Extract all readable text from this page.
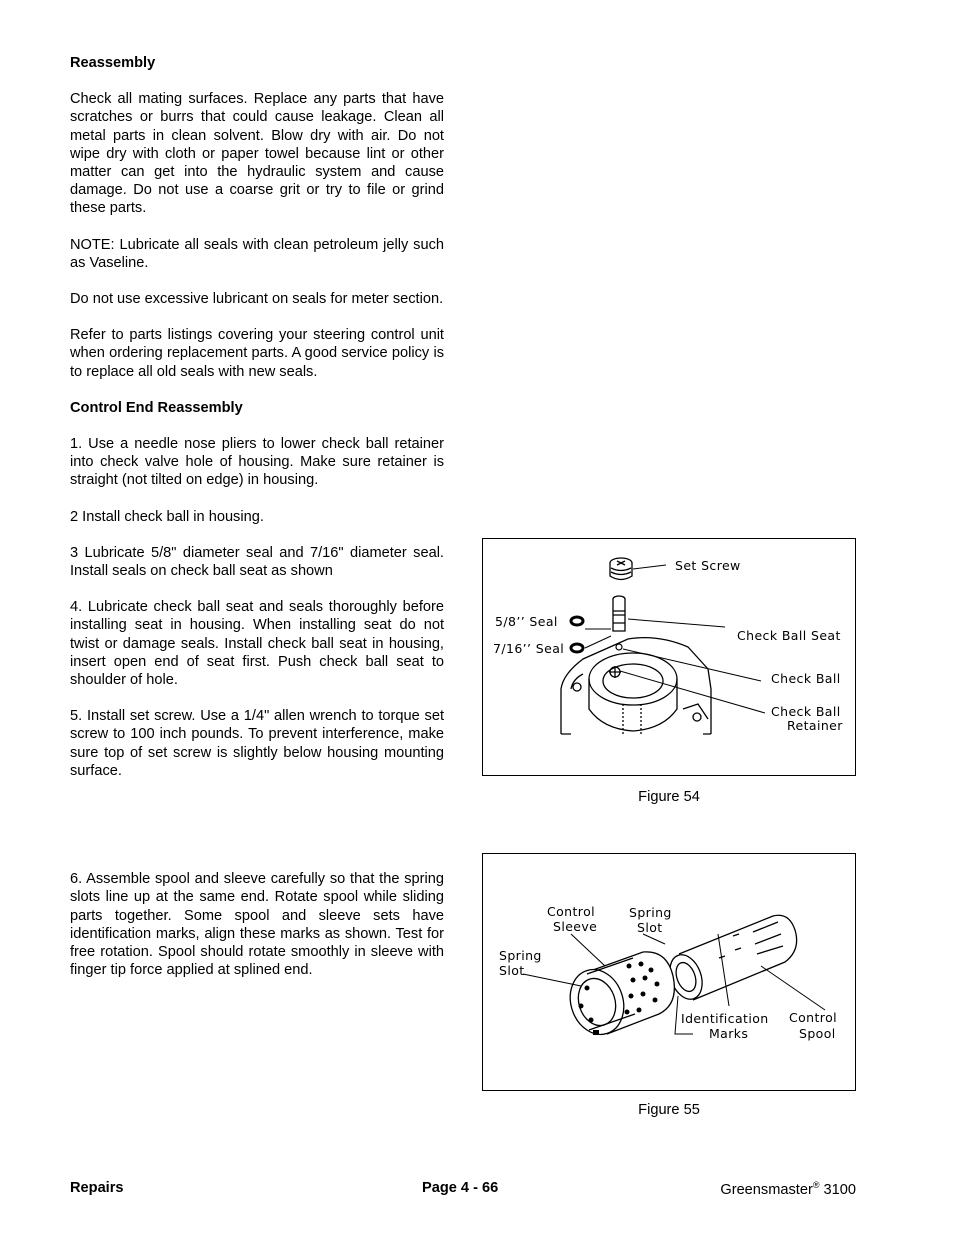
Reassembly

Check all mating surfaces. Replace any parts that have scratches or burrs that could cause leakage. Clean all metal parts in clean solvent. Blow dry with air. Do not wipe dry with cloth or paper towel because lint or other matter can get into the hydraulic system and cause damage. Do not use a coarse grit or try to file or grind these parts.

NOTE: Lubricate all seals with clean petroleum jelly such as Vaseline.

Do not use excessive lubricant on seals for meter section.

Refer to parts listings covering your steering control unit when ordering replacement parts. A good service policy is to replace all old seals with new seals.

Control End Reassembly

1. Use a needle nose pliers to lower check ball retainer into check valve hole of housing. Make sure retainer is straight (not tilted on edge) in housing.

2 Install check ball in housing.

3 Lubricate 5/8" diameter seal and 7/16" diameter seal. Install seals on check ball seat as shown

4. Lubricate check ball seat and seals thoroughly before installing seat in housing. When installing seat do not twist or damage seals. Install check ball seat in housing, insert open end of seat first. Push check ball seat to shoulder of hole.

5. Install set screw. Use a 1/4" allen wrench to torque set screw to 100 inch pounds. To prevent interference, make sure top of set screw is slightly below housing mounting surface.

6. Assemble spool and sleeve carefully so that the spring slots line up at the same end. Rotate spool while sliding parts together. Some spool and sleeve sets have identification marks, align these marks as shown. Test for free rotation. Spool should rotate smoothly in sleeve with finger tip force applied at splined end.

Set Screw
5/8’’ Seal
7/16’’ Seal
Check Ball Seat
Check Ball
Check Ball
Retainer
Figure 54
Control
Sleeve
Spring
Slot
Spring
Slot
Identification
Marks
Control
Spool
Figure 55
Repairs	Page 4 - 66	Greensmaster® 3100
